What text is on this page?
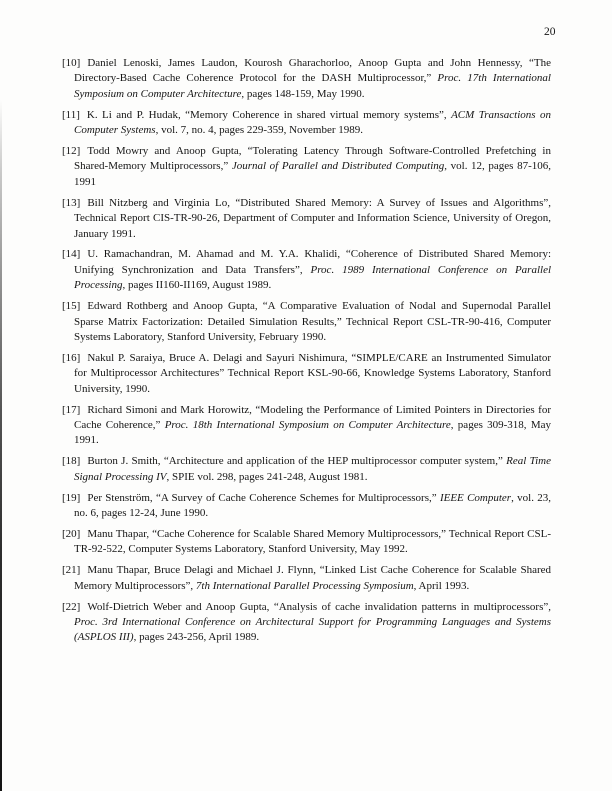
20

[10] Daniel Lenoski, James Laudon, Kourosh Gharachorloo, Anoop Gupta and John Hennessy, “The Directory-Based Cache Coherence Protocol for the DASH Multiprocessor,” Proc. 17th International Symposium on Computer Architecture, pages 148-159, May 1990.

[11] K. Li and P. Hudak, “Memory Coherence in shared virtual memory systems”, ACM Transactions on Computer Systems, vol. 7, no. 4, pages 229-359, November 1989.

[12] Todd Mowry and Anoop Gupta, “Tolerating Latency Through Software-Controlled Prefetching in Shared-Memory Multiprocessors,” Journal of Parallel and Distributed Computing, vol. 12, pages 87-106, 1991

[13] Bill Nitzberg and Virginia Lo, “Distributed Shared Memory: A Survey of Issues and Algorithms”, Technical Report CIS-TR-90-26, Department of Computer and Information Science, University of Oregon, January 1991.

[14] U. Ramachandran, M. Ahamad and M. Y.A. Khalidi, “Coherence of Distributed Shared Memory: Unifying Synchronization and Data Transfers”, Proc. 1989 International Conference on Parallel Processing, pages II160-II169, August 1989.

[15] Edward Rothberg and Anoop Gupta, “A Comparative Evaluation of Nodal and Supernodal Parallel Sparse Matrix Factorization: Detailed Simulation Results,” Technical Report CSL-TR-90-416, Computer Systems Laboratory, Stanford University, February 1990.

[16] Nakul P. Saraiya, Bruce A. Delagi and Sayuri Nishimura, “SIMPLE/CARE an Instrumented Simulator for Multiprocessor Architectures” Technical Report KSL-90-66, Knowledge Systems Laboratory, Stanford University, 1990.

[17] Richard Simoni and Mark Horowitz, “Modeling the Performance of Limited Pointers in Directories for Cache Coherence,” Proc. 18th International Symposium on Computer Architecture, pages 309-318, May 1991.

[18] Burton J. Smith, “Architecture and application of the HEP multiprocessor computer system,” Real Time Signal Processing IV, SPIE vol. 298, pages 241-248, August 1981.

[19] Per Stenström, “A Survey of Cache Coherence Schemes for Multiprocessors,” IEEE Computer, vol. 23, no. 6, pages 12-24, June 1990.

[20] Manu Thapar, “Cache Coherence for Scalable Shared Memory Multiprocessors,” Technical Report CSL-TR-92-522, Computer Systems Laboratory, Stanford University, May 1992.

[21] Manu Thapar, Bruce Delagi and Michael J. Flynn, “Linked List Cache Coherence for Scalable Shared Memory Multiprocessors”, 7th International Parallel Processing Symposium, April 1993.

[22] Wolf-Dietrich Weber and Anoop Gupta, “Analysis of cache invalidation patterns in multiprocessors”, Proc. 3rd International Conference on Architectural Support for Programming Languages and Systems (ASPLOS III), pages 243-256, April 1989.
